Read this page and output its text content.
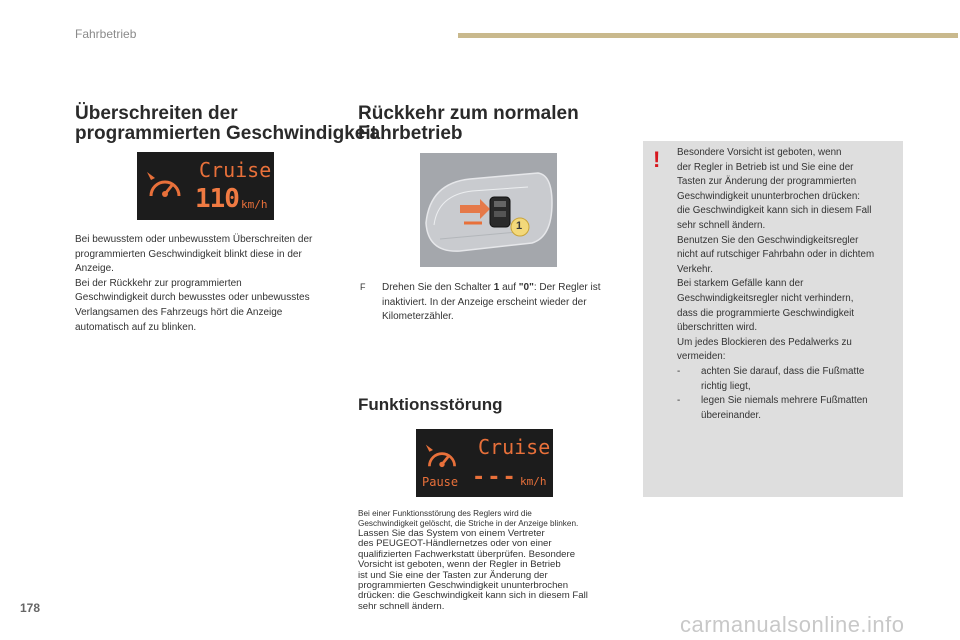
Fahrbetrieb
Überschreiten der
programmierten Geschwindigkeit
Cruise
110 km/h
Bei bewusstem oder unbewusstem Überschreiten der
programmierten Geschwindigkeit blinkt diese in der
Anzeige.
Bei der Rückkehr zur programmierten
Geschwindigkeit durch bewusstes oder unbewusstes
Verlangsamen des Fahrzeugs hört die Anzeige
automatisch auf zu blinken.
Rückkehr zum normalen
Fahrbetrieb
1
F Drehen Sie den Schalter 1 auf "0": Der Regler ist
inaktiviert. In der Anzeige erscheint wieder der
Kilometerzähler.
Funktionsstörung
Cruise
Pause --- km/h
Bei einer Funktionsstörung des Reglers wird die
Geschwindigkeit gelöscht, die Striche in der Anzeige blinken.
Lassen Sie das System von einem Vertreter
des PEUGEOT-Händlernetzes oder von einer
qualifizierten Fachwerkstatt überprüfen. Besondere
Vorsicht ist geboten, wenn der Regler in Betrieb
ist und Sie eine der Tasten zur Änderung der
programmierten Geschwindigkeit ununterbrochen
drücken: die Geschwindigkeit kann sich in diesem Fall
sehr schnell ändern.
! Besondere Vorsicht ist geboten, wenn
der Regler in Betrieb ist und Sie eine der
Tasten zur Änderung der programmierten
Geschwindigkeit ununterbrochen drücken:
die Geschwindigkeit kann sich in diesem Fall
sehr schnell ändern.
Benutzen Sie den Geschwindigkeitsregler
nicht auf rutschiger Fahrbahn oder in dichtem
Verkehr.
Bei starkem Gefälle kann der
Geschwindigkeitsregler nicht verhindern,
dass die programmierte Geschwindigkeit
überschritten wird.
Um jedes Blockieren des Pedalwerks zu
vermeiden:
- achten Sie darauf, dass die Fußmatte
richtig liegt,
- legen Sie niemals mehrere Fußmatten
übereinander.
178
carmanualsonline.info
